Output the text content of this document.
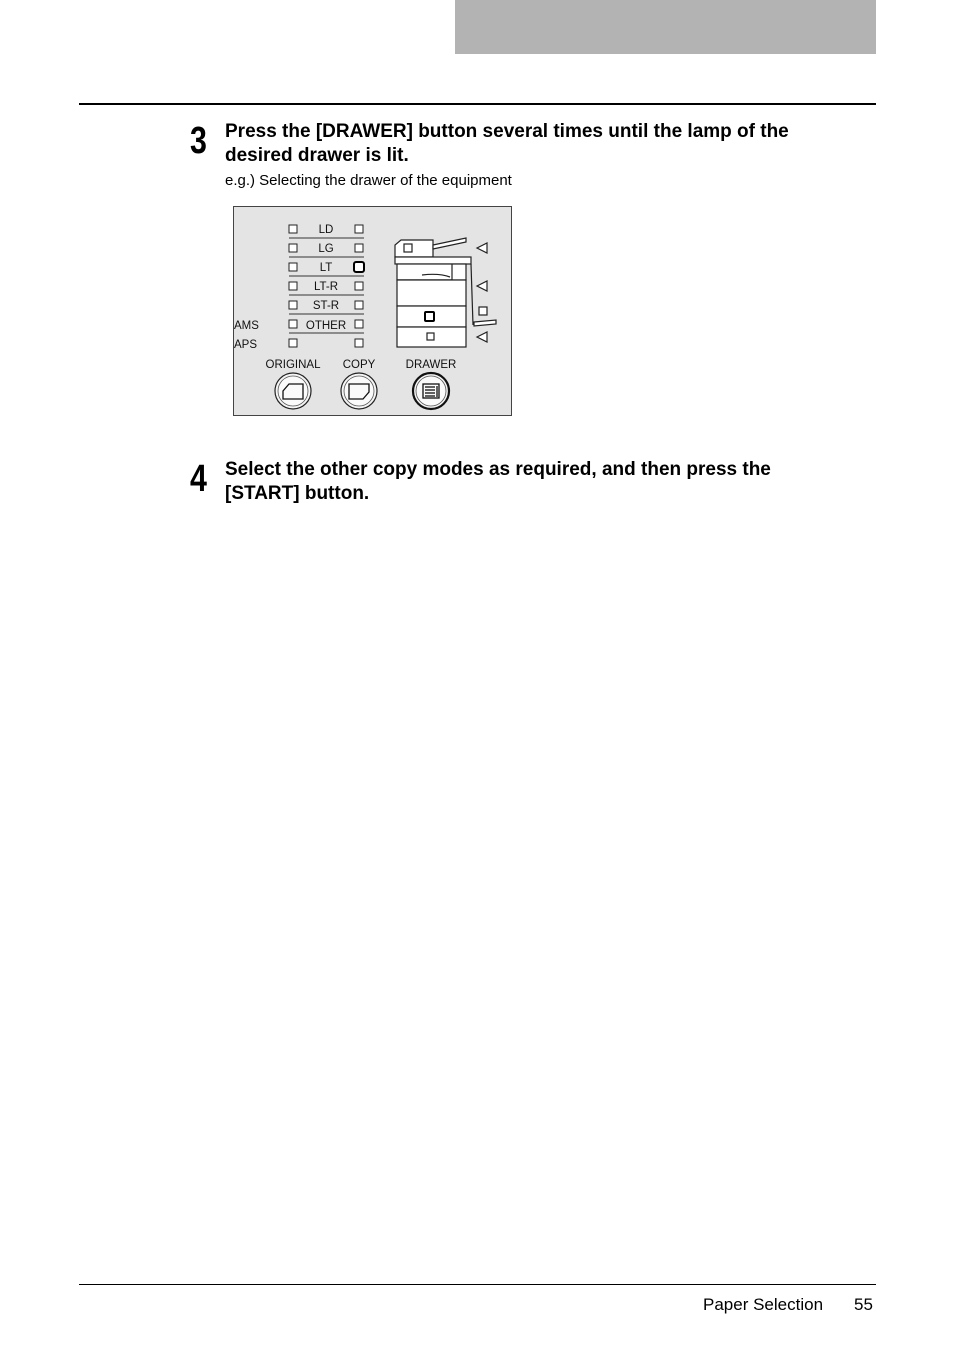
3 Press the [DRAWER] button several times until the lamp of the
desired drawer is lit.
e.g.) Selecting the drawer of the equipment
LD
LG
LT
LT-R
ST-R
AMS	OTHER
APS
ORIGINAL COPY	DRAWER
4 Select the other copy modes as required, and then press the
[START] button.
Paper Selection 55
